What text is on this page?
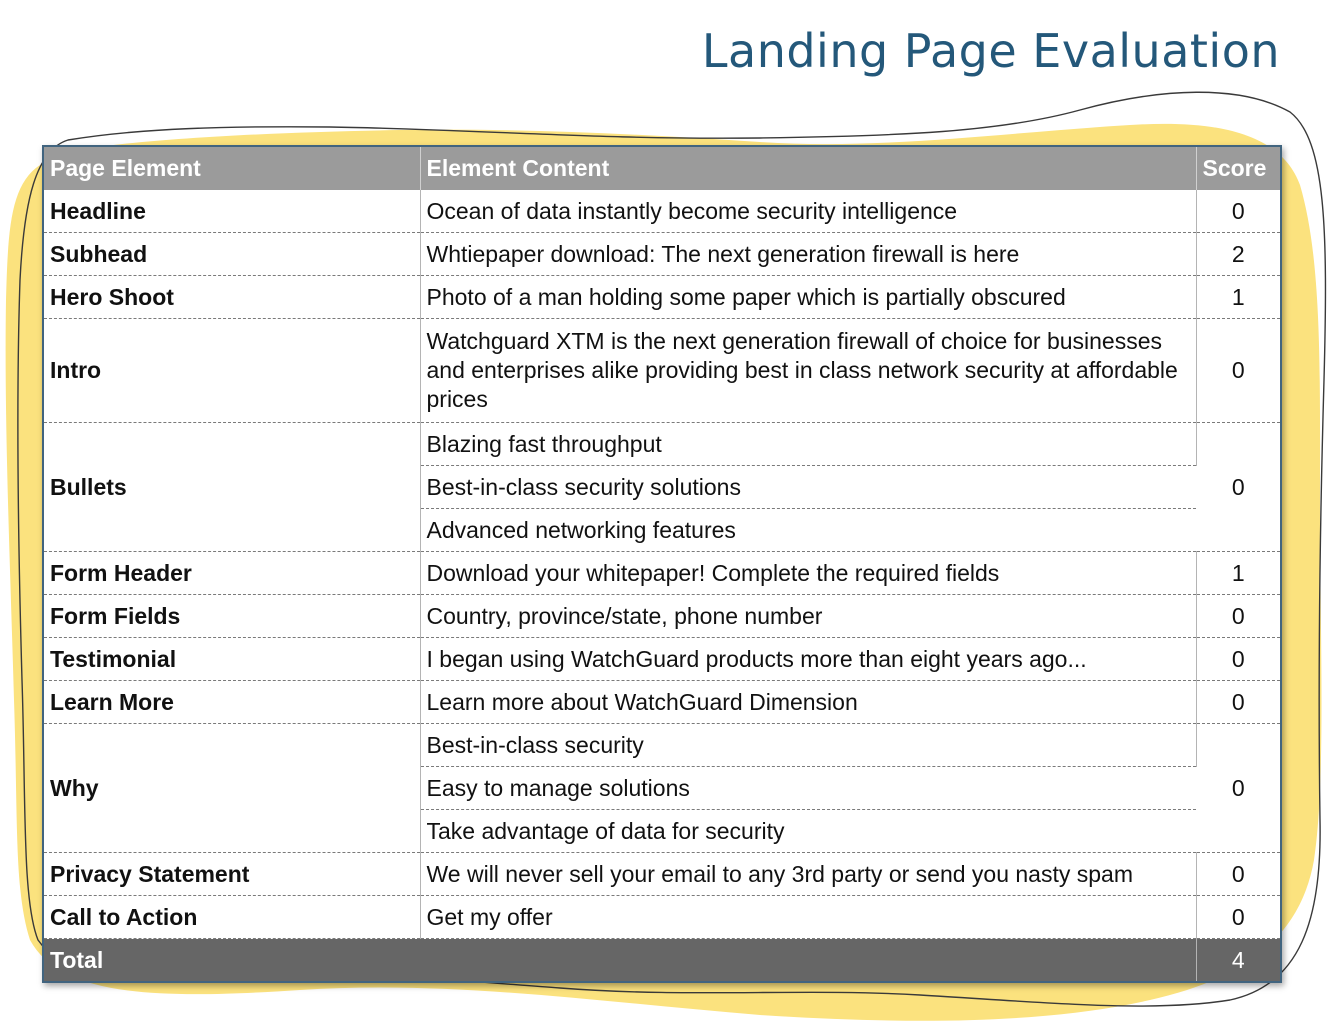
Landing Page Evaluation
Page Element	Element Content	Score
Headline	Ocean of data instantly become security intelligence	0
Subhead	Whtiepaper download: The next generation firewall is here	2
Hero Shoot	Photo of a man holding some paper which is partially obscured	1
Intro	Watchguard XTM is the next generation firewall of choice for businesses and enterprises alike providing best in class network security at affordable prices	0
Bullets	Blazing fast throughput	0
	Best-in-class security solutions	
	Advanced networking features	
Form Header	Download your whitepaper! Complete the required fields	1
Form Fields	Country, province/state, phone number	0
Testimonial	I began using WatchGuard products more than eight years ago...	0
Learn More	Learn more about WatchGuard Dimension	0
Why	Best-in-class security	0
	Easy to manage solutions	
	Take advantage of data for security	
Privacy Statement	We will never sell your email to any 3rd party or send you nasty spam	0
Call to Action	Get my offer	0
Total		4
